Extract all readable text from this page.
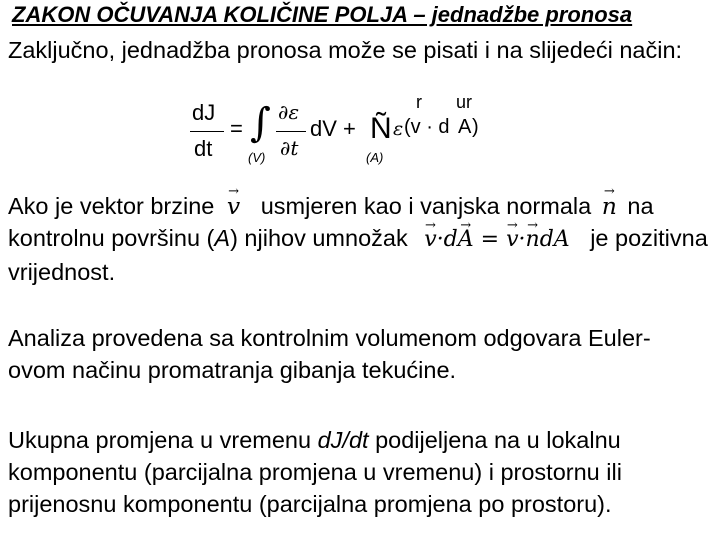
ZAKON OČUVANJA KOLIČINE POLJA – jednadžbe pronosa

Zaključno, jednadžba pronosa može se pisati i na slijedeći način:

dJ
dt
= ∫
(V)
∂ε
∂t
dV + Ñ
(A)
ε (v · d A )
r ur

Ako je vektor brzine → v usmjeren kao i vanjska normala → n na kontrolnu površinu (A) njihov umnožak → v·d→ A = → v·→ ndA je pozitivna vrijednost.

Analiza provedena sa kontrolnim volumenom odgovara Euler-ovom načinu promatranja gibanja tekućine.

Ukupna promjena u vremenu dJ/dt podijeljena na u lokalnu komponentu (parcijalna promjena u vremenu) i prostornu ili prijenosnu komponentu (parcijalna promjena po prostoru).
